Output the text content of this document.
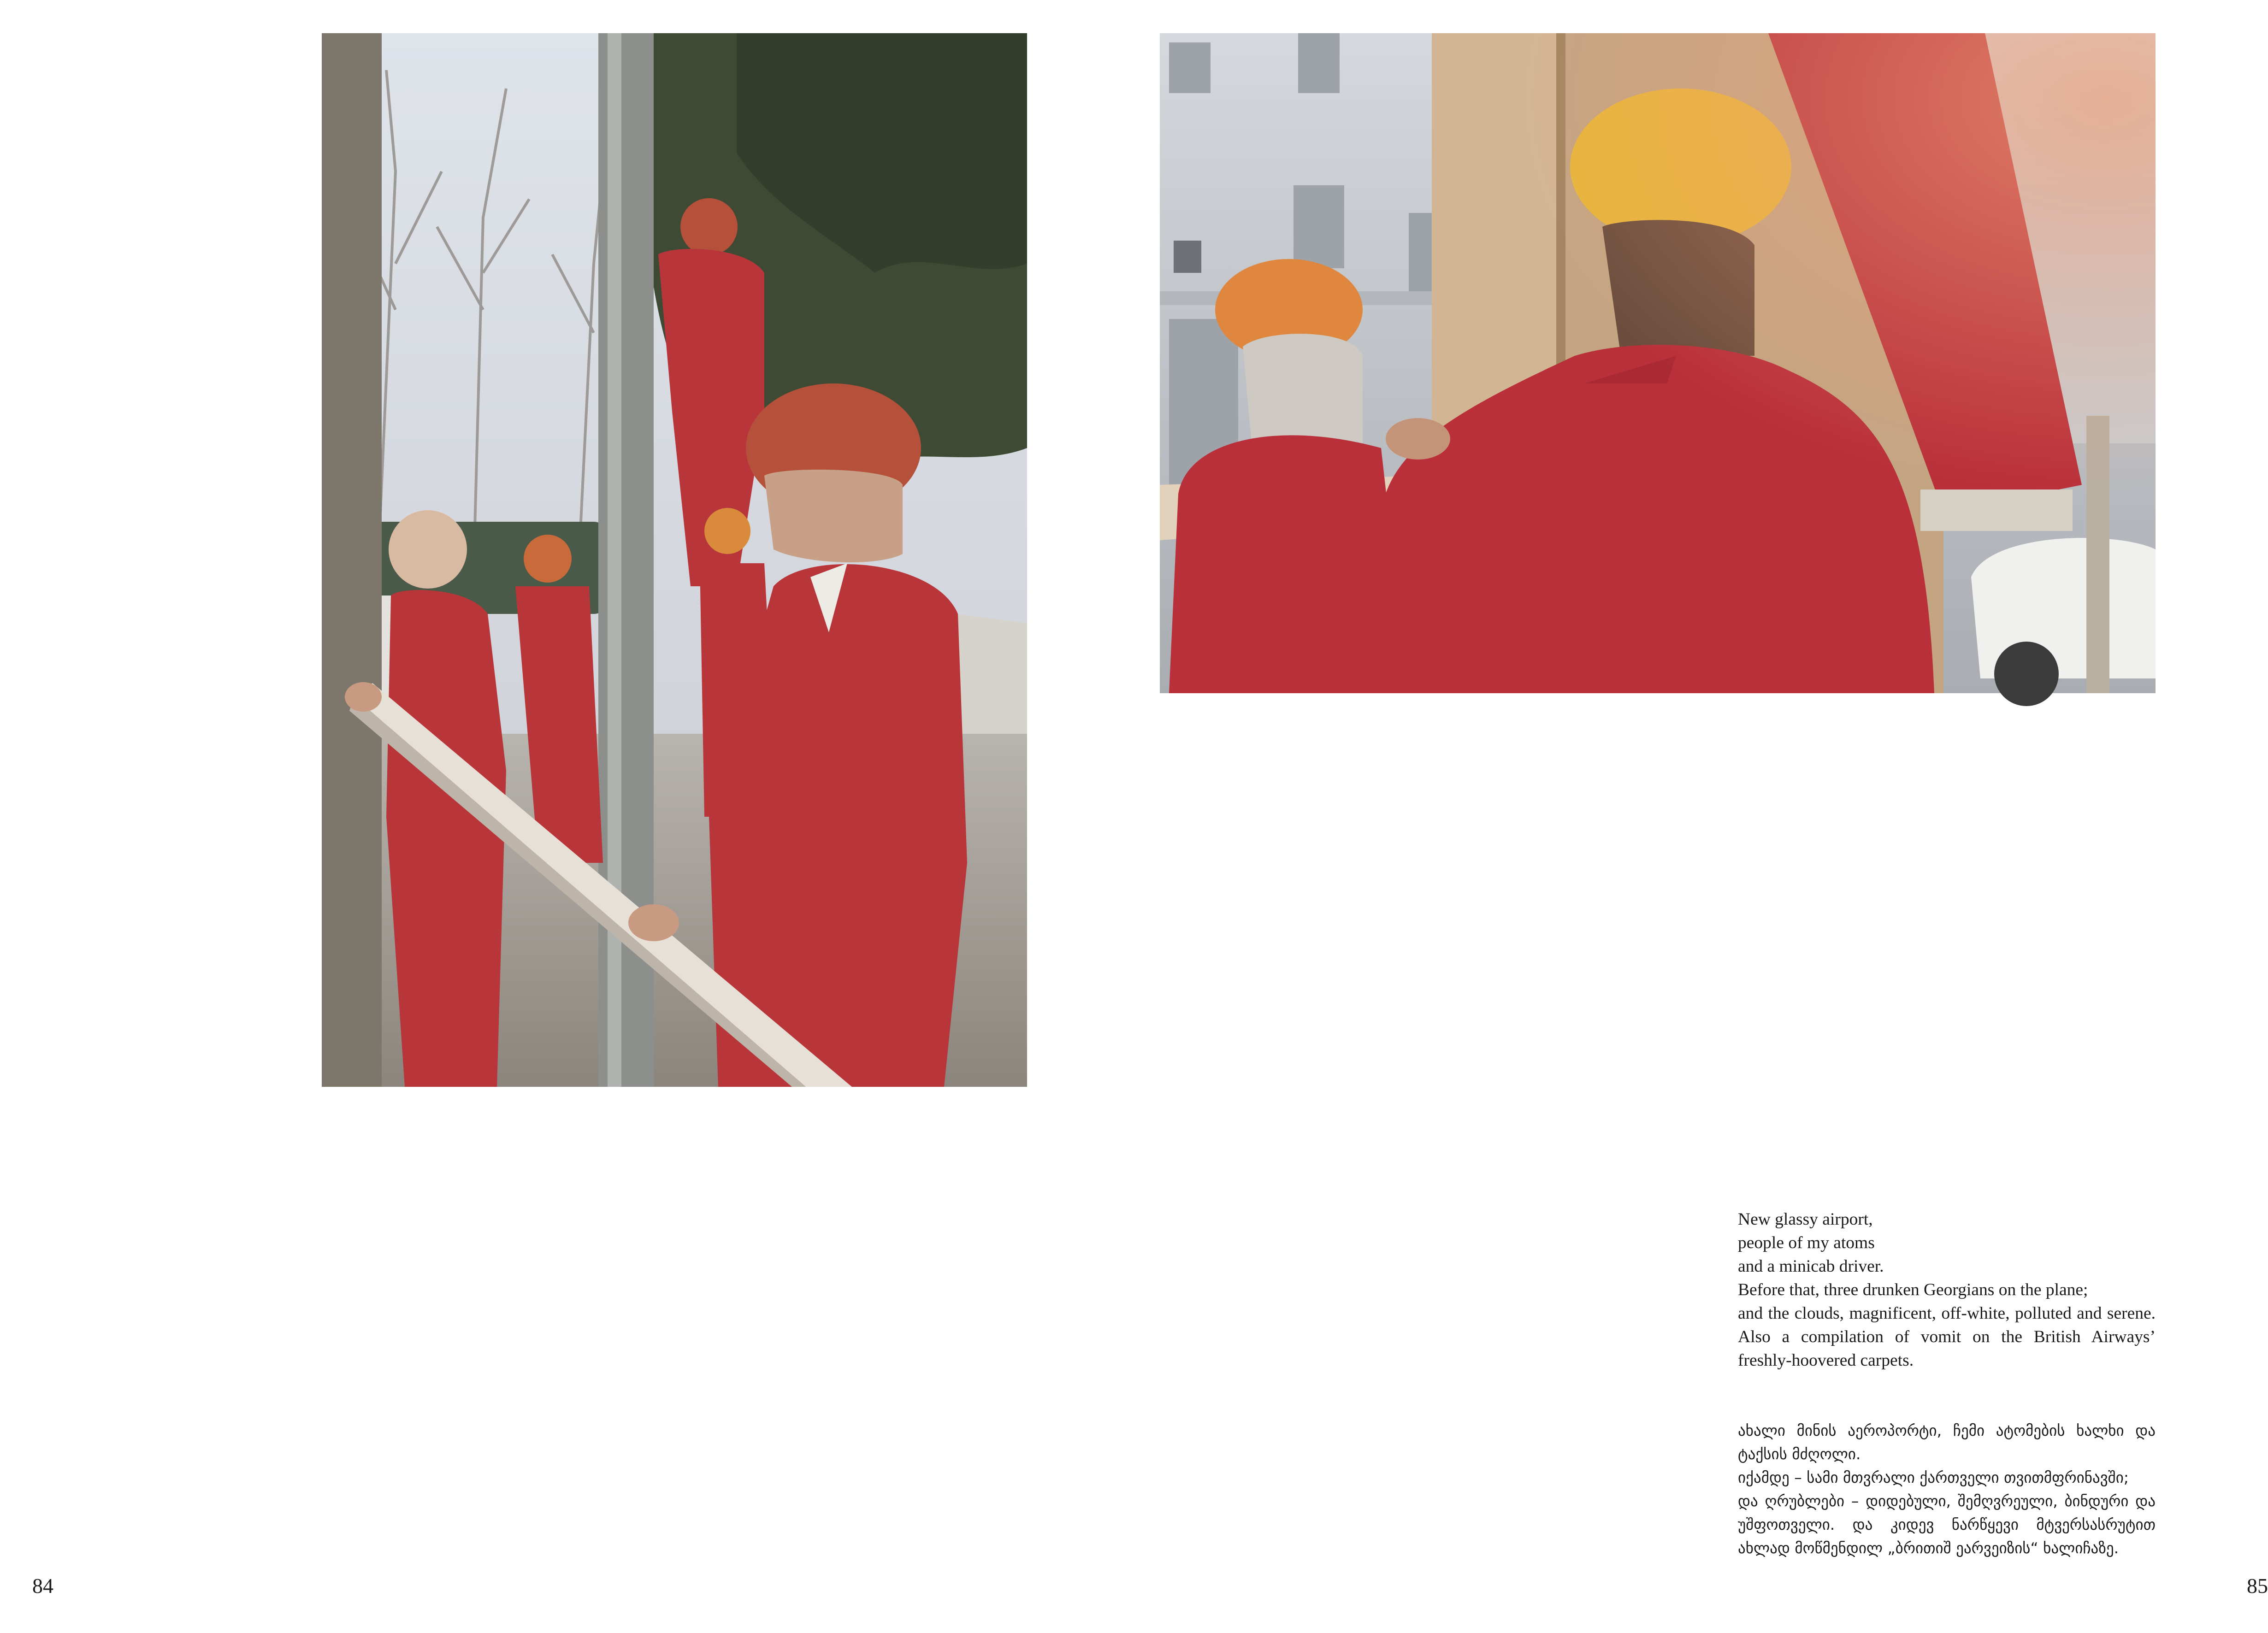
84	85
New glassy airport,
people of my atoms
and a minicab driver.
Before that, three drunken Georgians on the plane;
and the clouds, magnificent, off-white, polluted and serene. Also a compilation of vomit on the British Airways’ freshly-hoovered carpets.
ახალი მინის აეროპორტი, ჩემი ატომების ხალხი და ტაქსის მძღოლი.
იქამდე – სამი მთვრალი ქართველი თვითმფრინავში;
და ღრუბლები – დიდებული, შემღვრეული, ბინდური და უშფოთველი. და კიდევ ნარწყევი მტვერსასრუტით ახლად მოწმენდილ „ბრითიშ ეარვეიზის“ ხალიჩაზე.
